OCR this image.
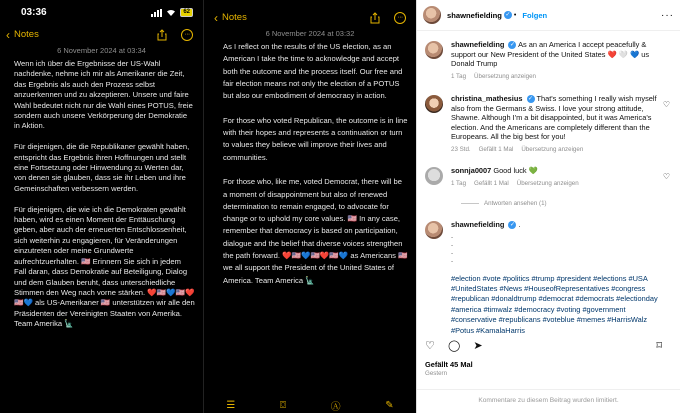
03:36	62
‹ Notes	···
6 November 2024 at 03:34

Wenn ich über die Ergebnisse der US-Wahl nachdenke, nehme ich mir als Amerikaner die Zeit, das Ergebnis als auch den Prozess selbst anzuerkennen und zu akzeptieren. Unsere und faire Wahl bedeutet nicht nur die Wahl eines POTUS, freie sondern auch unsere Verkörperung der Demokratie in Aktion.

Für diejenigen, die die Republikaner gewählt haben, entspricht das Ergebnis ihren Hoffnungen und stellt eine Fortsetzung oder Hinwendung zu Werten dar, von denen sie glauben, dass sie ihr Leben und ihre Gemeinschaften verbessern werden.

Für diejenigen, die wie ich die Demokraten gewählt haben, wird es einen Moment der Enttäuschung geben, aber auch der erneuerten Entschlossenheit, sich weiterhin zu engagieren, für Veränderungen einzutreten oder meine Grundwerte aufrechtzuerhalten. 🇺🇸 Erinnern Sie sich in jedem Fall daran, dass Demokratie auf Beteiligung, Dialog und dem Glauben beruht, dass unterschiedliche Stimmen den Weg nach vorne stärken. ❤️🇺🇸💙🇺🇸❤️🇺🇸💙 als US-Amerikaner 🇺🇸 unterstützen wir alle den Präsidenten der Vereinigten Staaten von Amerika. Team Amerika 🗽

‹ Notes	···
6 November 2024 at 03:32

As I reflect on the results of the US election, as an American I take the time to acknowledge and accept both the outcome and the process itself. Our free and fair election means not only the election of a POTUS but also our embodiment of democracy in action.

For those who voted Republican, the outcome is in line with their hopes and represents a continuation or turn to values they believe will improve their lives and communities.

For those who, like me, voted Democrat, there will be a moment of disappointment but also of renewed determination to remain engaged, to advocate for change or to uphold my core values. 🇺🇸 In any case, remember that democracy is based on participation, dialogue and the belief that diverse voices strengthen the path forward. ❤️🇺🇸💙🇺🇸❤️🇺🇸💙 as Americans 🇺🇸 we all support the President of the United States of America. Team America 🗽

☰	⌼	Ⓐ	✎
shawnefielding ✓ • Folgen	···
shawnefielding ✓ As an an America I accept peacefully & support our New President of the United States ❤️ 🤍 💙 us Donald Trump
1 Tag Übersetzung anzeigen
christina_mathesius ✓ That's something I really wish myself also from the Germans & Swiss. I love your strong attitude, Shawne. Although I'm a bit disappointed, but it was America's election. And the Americans are completely different than the Europeans. All the big best for you!
23 Std. Gefällt 1 Mal Übersetzung anzeigen
♡
sonnja0007 Good luck 💚
1 Tag Gefällt 1 Mal Übersetzung anzeigen
♡
Antworten ansehen (1)
shawnefielding ✓ .
.
.
.
.
#election #vote #politics #trump #president #elections #USA #UnitedStates #News #HouseofRepresentatives #congress #republican #donaldtrump #democrat #democrats #electionday #america #timwalz #democracy #voting #government #conservative #republicans #voteblue #memes #HarrisWalz #Potus #KamalaHarris
♡ ◯ ➤	⌑
Gefällt 45 Mal
Gestern
Kommentare zu diesem Beitrag wurden limitiert.
